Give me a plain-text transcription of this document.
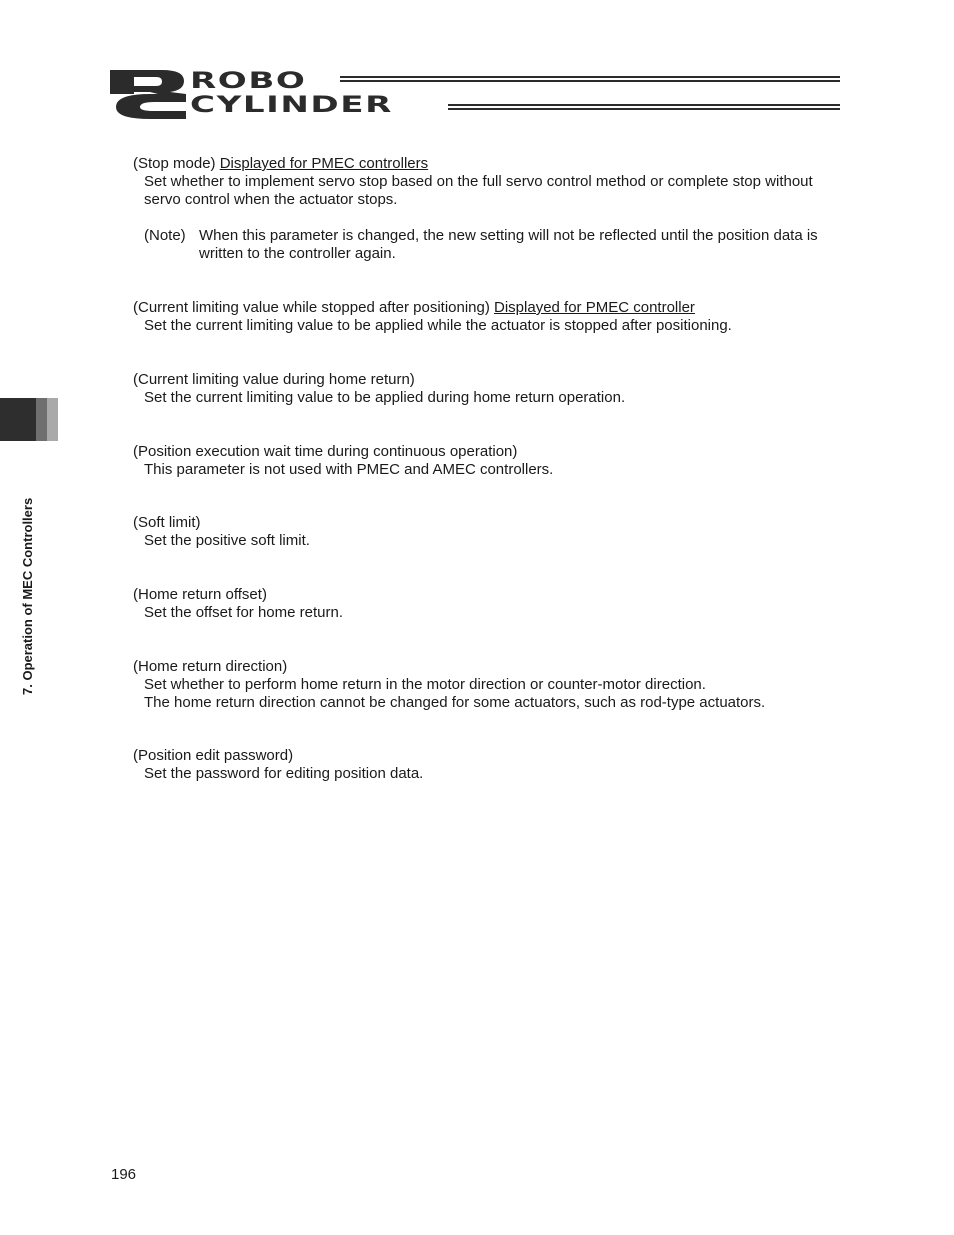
ROBO
CYLINDER
7. Operation of MEC Controllers
(Stop mode) Displayed for PMEC controllers
Set whether to implement servo stop based on the full servo control method or complete stop without servo control when the actuator stops.
(Note) When this parameter is changed, the new setting will not be reflected until the position data is written to the controller again.
(Current limiting value while stopped after positioning) Displayed for PMEC controller
Set the current limiting value to be applied while the actuator is stopped after positioning.
(Current limiting value during home return)
Set the current limiting value to be applied during home return operation.
(Position execution wait time during continuous operation)
This parameter is not used with PMEC and AMEC controllers.
(Soft limit)
Set the positive soft limit.
(Home return offset)
Set the offset for home return.
(Home return direction)
Set whether to perform home return in the motor direction or counter-motor direction.
The home return direction cannot be changed for some actuators, such as rod-type actuators.
(Position edit password)
Set the password for editing position data.
196
